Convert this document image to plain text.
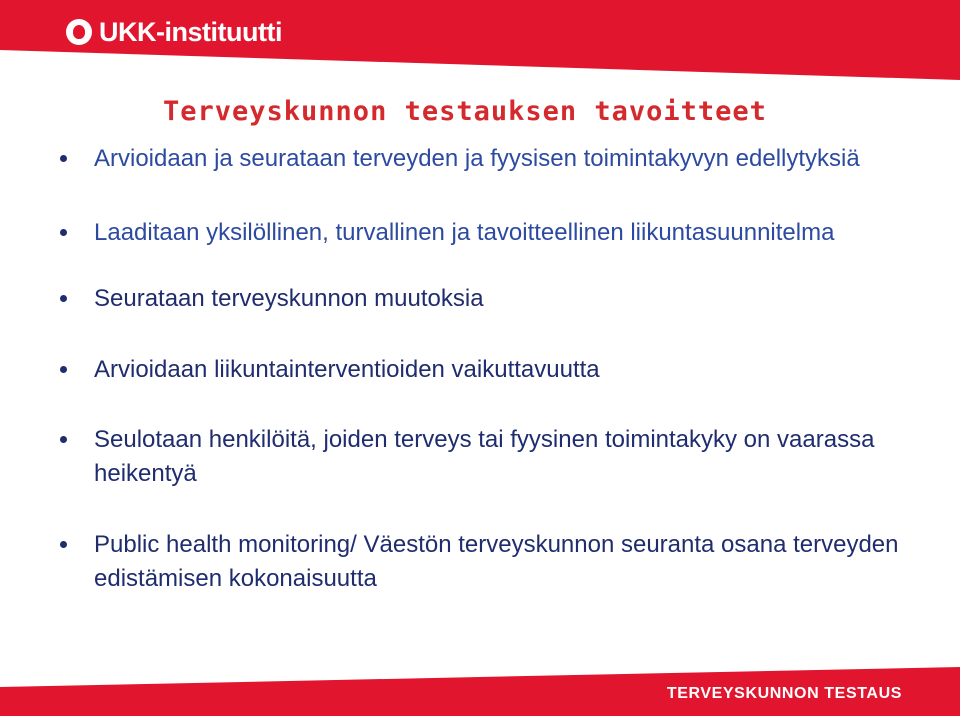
UKK-instituutti
Terveyskunnon testauksen tavoitteet
Arvioidaan ja seurataan terveyden ja fyysisen toimintakyvyn edellytyksiä
Laaditaan yksilöllinen, turvallinen ja tavoitteellinen liikuntasuunnitelma
Seurataan terveyskunnon muutoksia
Arvioidaan liikuntainterventioiden vaikuttavuutta
Seulotaan henkilöitä, joiden terveys tai fyysinen toimintakyky on vaarassa heikentyä
Public health monitoring/ Väestön terveyskunnon seuranta osana terveyden edistämisen kokonaisuutta
TERVEYSKUNNON TESTAUS
